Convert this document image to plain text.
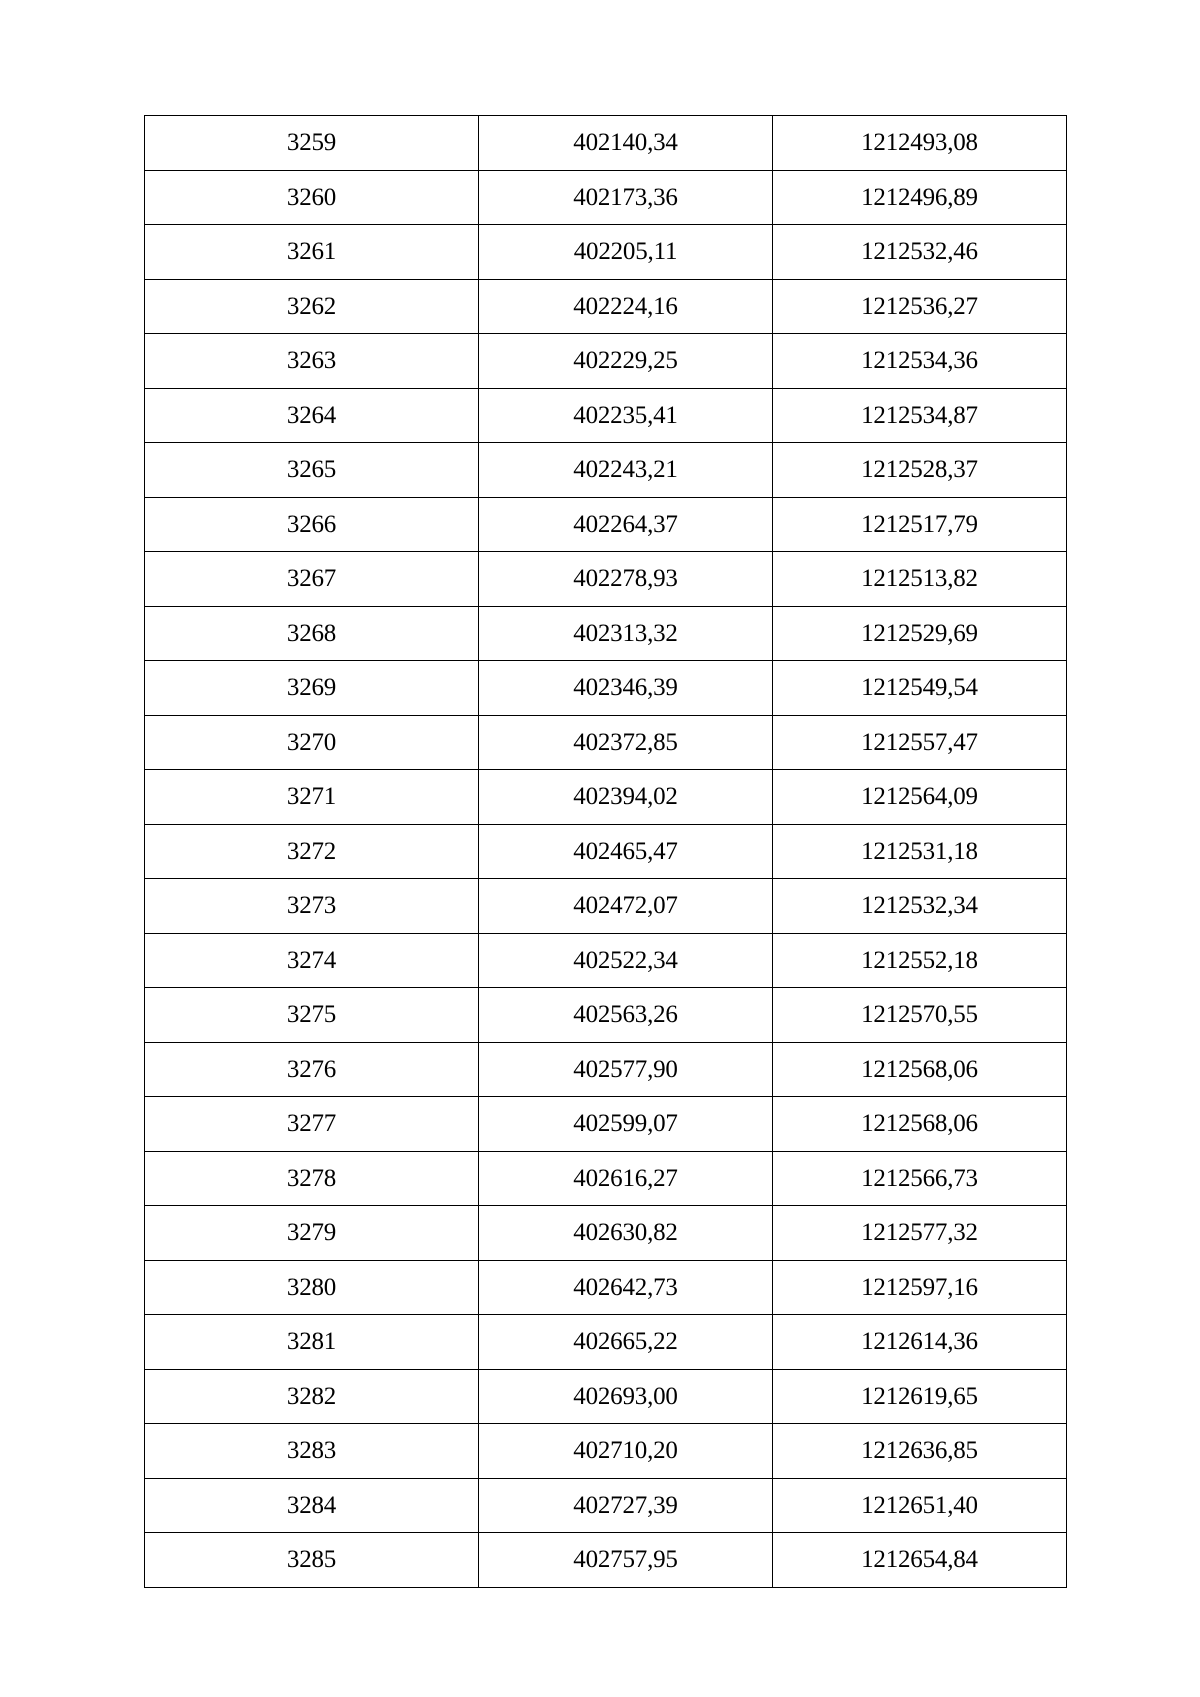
3259	402140,34	1212493,08
3260	402173,36	1212496,89
3261	402205,11	1212532,46
3262	402224,16	1212536,27
3263	402229,25	1212534,36
3264	402235,41	1212534,87
3265	402243,21	1212528,37
3266	402264,37	1212517,79
3267	402278,93	1212513,82
3268	402313,32	1212529,69
3269	402346,39	1212549,54
3270	402372,85	1212557,47
3271	402394,02	1212564,09
3272	402465,47	1212531,18
3273	402472,07	1212532,34
3274	402522,34	1212552,18
3275	402563,26	1212570,55
3276	402577,90	1212568,06
3277	402599,07	1212568,06
3278	402616,27	1212566,73
3279	402630,82	1212577,32
3280	402642,73	1212597,16
3281	402665,22	1212614,36
3282	402693,00	1212619,65
3283	402710,20	1212636,85
3284	402727,39	1212651,40
3285	402757,95	1212654,84
